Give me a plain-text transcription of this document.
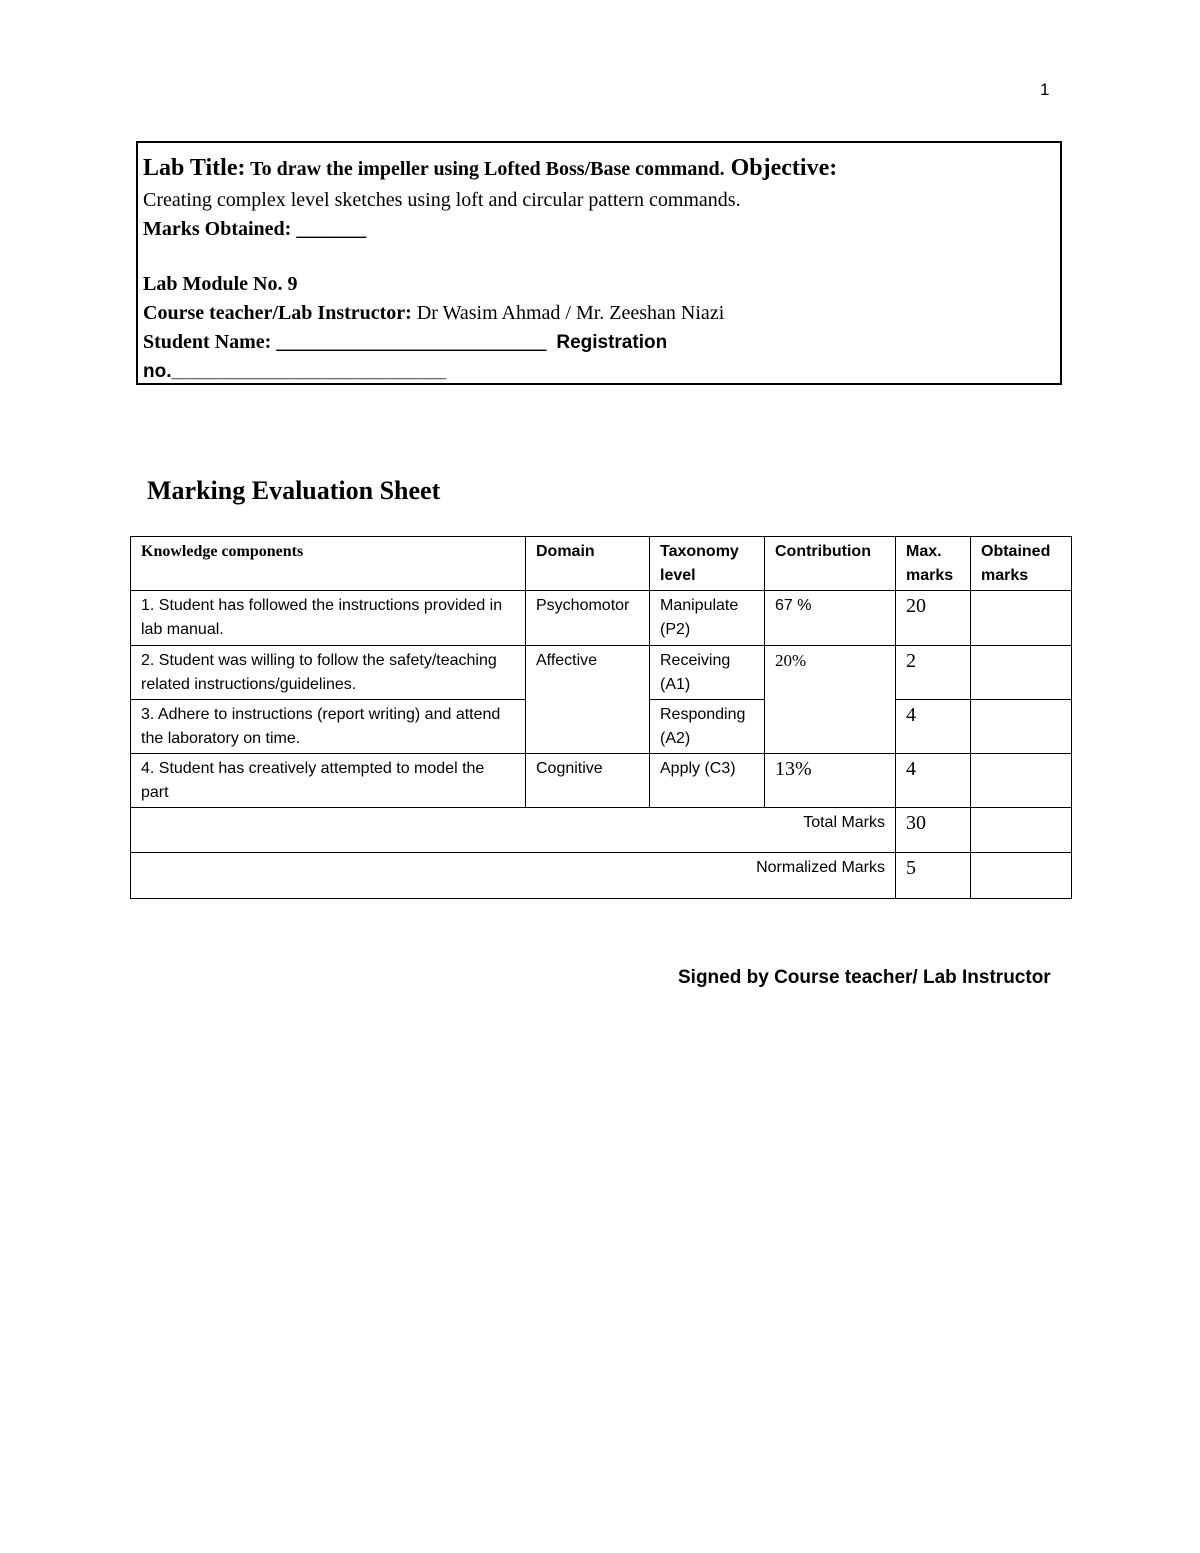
1
Lab Title: To draw the impeller using Lofted Boss/Base command. Objective:
Creating complex level sketches using loft and circular pattern commands.
Marks Obtained: _______
Lab Module No. 9
Course teacher/Lab Instructor: Dr Wasim Ahmad / Mr. Zeeshan Niazi
Student Name: ___________________________ Registration
no.__________________________
Marking Evaluation Sheet
Knowledge components	Domain	Taxonomy level	Contribution	Max. marks	Obtained marks
1. Student has followed the instructions provided in lab manual.	Psychomotor	Manipulate (P2)	67 %	20	
2. Student was willing to follow the safety/teaching related instructions/guidelines.	Affective	Receiving (A1)	20%	2	
3. Adhere to instructions (report writing) and attend the laboratory on time.		Responding (A2)		4	
4. Student has creatively attempted to model the part	Cognitive	Apply (C3)	13%	4	
Total Marks				30	
Normalized Marks				5	
Signed by Course teacher/ Lab Instructor
